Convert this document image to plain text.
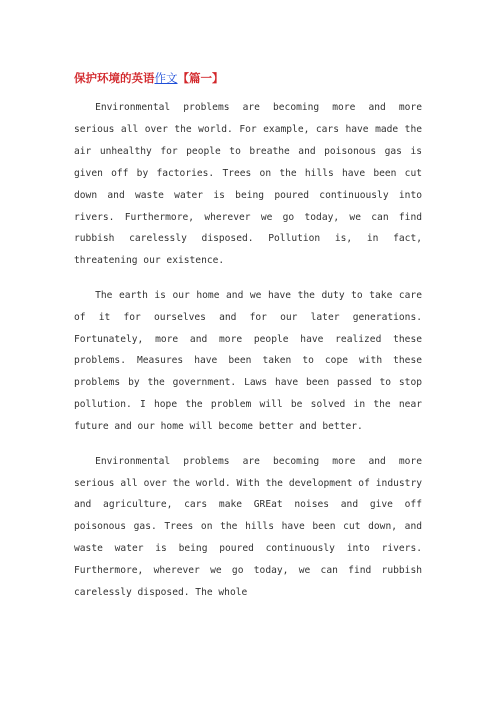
保护环境的英语作文【篇一】

Environmental problems are becoming more and more serious all over the world. For example, cars have made the air unhealthy for people to breathe and poisonous gas is given off by factories. Trees on the hills have been cut down and waste water is being poured continuously into rivers. Furthermore, wherever we go today, we can find rubbish carelessly disposed. Pollution is, in fact, threatening our existence.

The earth is our home and we have the duty to take care of it for ourselves and for our later generations. Fortunately, more and more people have realized these problems. Measures have been taken to cope with these problems by the government. Laws have been passed to stop pollution. I hope the problem will be solved in the near future and our home will become better and better.

Environmental problems are becoming more and more serious all over the world. With the development of industry and agriculture, cars make GREat noises and give off poisonous gas. Trees on the hills have been cut down, and waste water is being poured continuously into rivers. Furthermore, wherever we go today, we can find rubbish carelessly disposed. The whole
